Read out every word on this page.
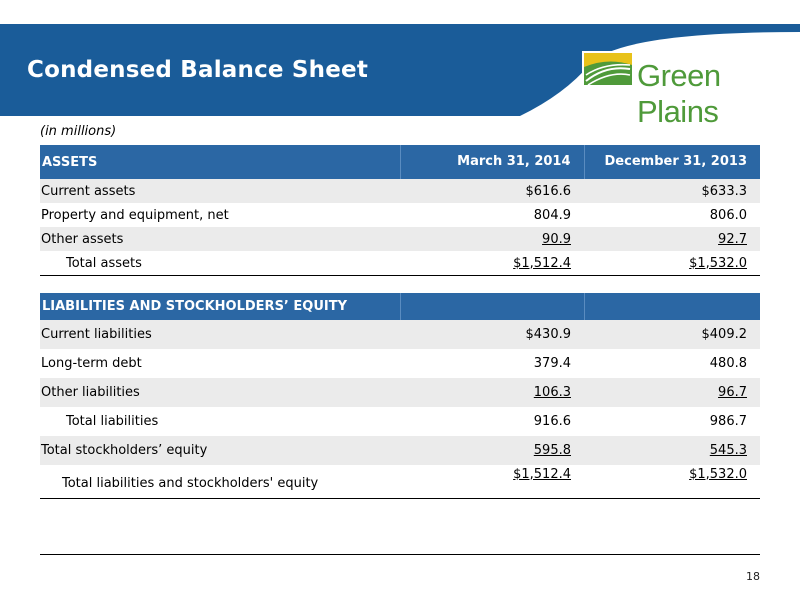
Condensed Balance Sheet	Green Plains
(in millions)
ASSETS	March 31, 2014	December 31, 2013
Current assets	$616.6	$633.3
Property and equipment, net	804.9	806.0
Other assets	90.9	92.7
Total assets	$1,512.4	$1,532.0
LIABILITIES AND STOCKHOLDERS’ EQUITY		
Current liabilities	$430.9	$409.2
Long-term debt	379.4	480.8
Other liabilities	106.3	96.7
Total liabilities	916.6	986.7
Total stockholders’ equity	595.8	545.3
Total liabilities and stockholders' equity	$1,512.4	$1,532.0
18
